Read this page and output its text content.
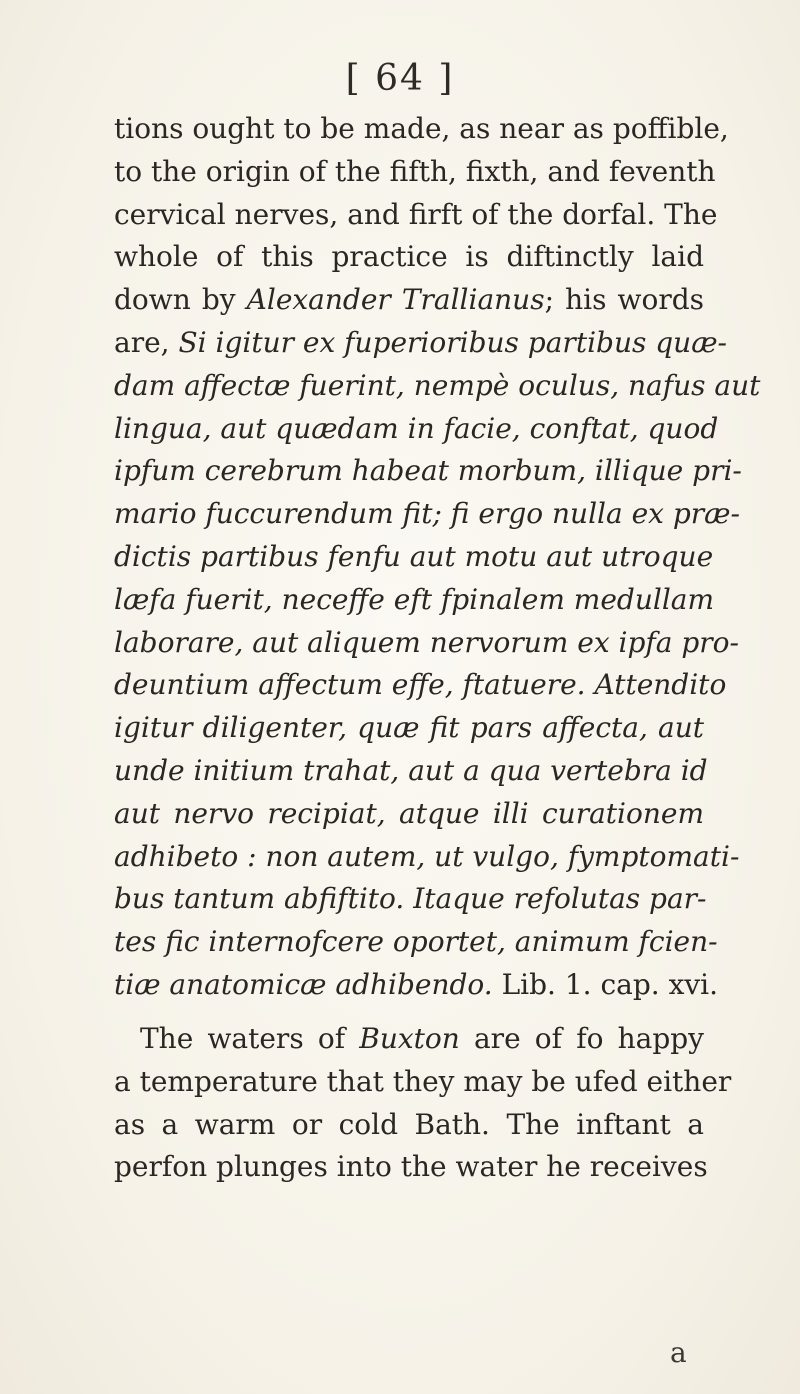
[ 64 ]
tions ought to be made, as near as poffible,
to the origin of the fifth, fixth, and feventh
cervical nerves, and firft of the dorfal. The
whole of this practice is diftinctly laid
down by Alexander Trallianus; his words
are, Si igitur ex fuperioribus partibus quæ-
dam affectæ fuerint, nempè oculus, nafus aut
lingua, aut quædam in facie, conftat, quod
ipfum cerebrum habeat morbum, illique pri-
mario fuccurendum fit; fi ergo nulla ex præ-
dictis partibus fenfu aut motu aut utroque
læfa fuerit, neceffe eft fpinalem medullam
laborare, aut aliquem nervorum ex ipfa pro-
deuntium affectum effe, ftatuere. Attendito
igitur diligenter, quæ fit pars affecta, aut
unde initium trahat, aut a qua vertebra id
aut nervo recipiat, atque illi curationem
adhibeto : non autem, ut vulgo, fymptomati-
bus tantum abfiftito. Itaque refolutas par-
tes fic internofcere oportet, animum fcien-
tiæ anatomicæ adhibendo. Lib. 1. cap. xvi.
The waters of Buxton are of fo happy
a temperature that they may be ufed either
as a warm or cold Bath. The inftant a
perfon plunges into the water he receives
a
